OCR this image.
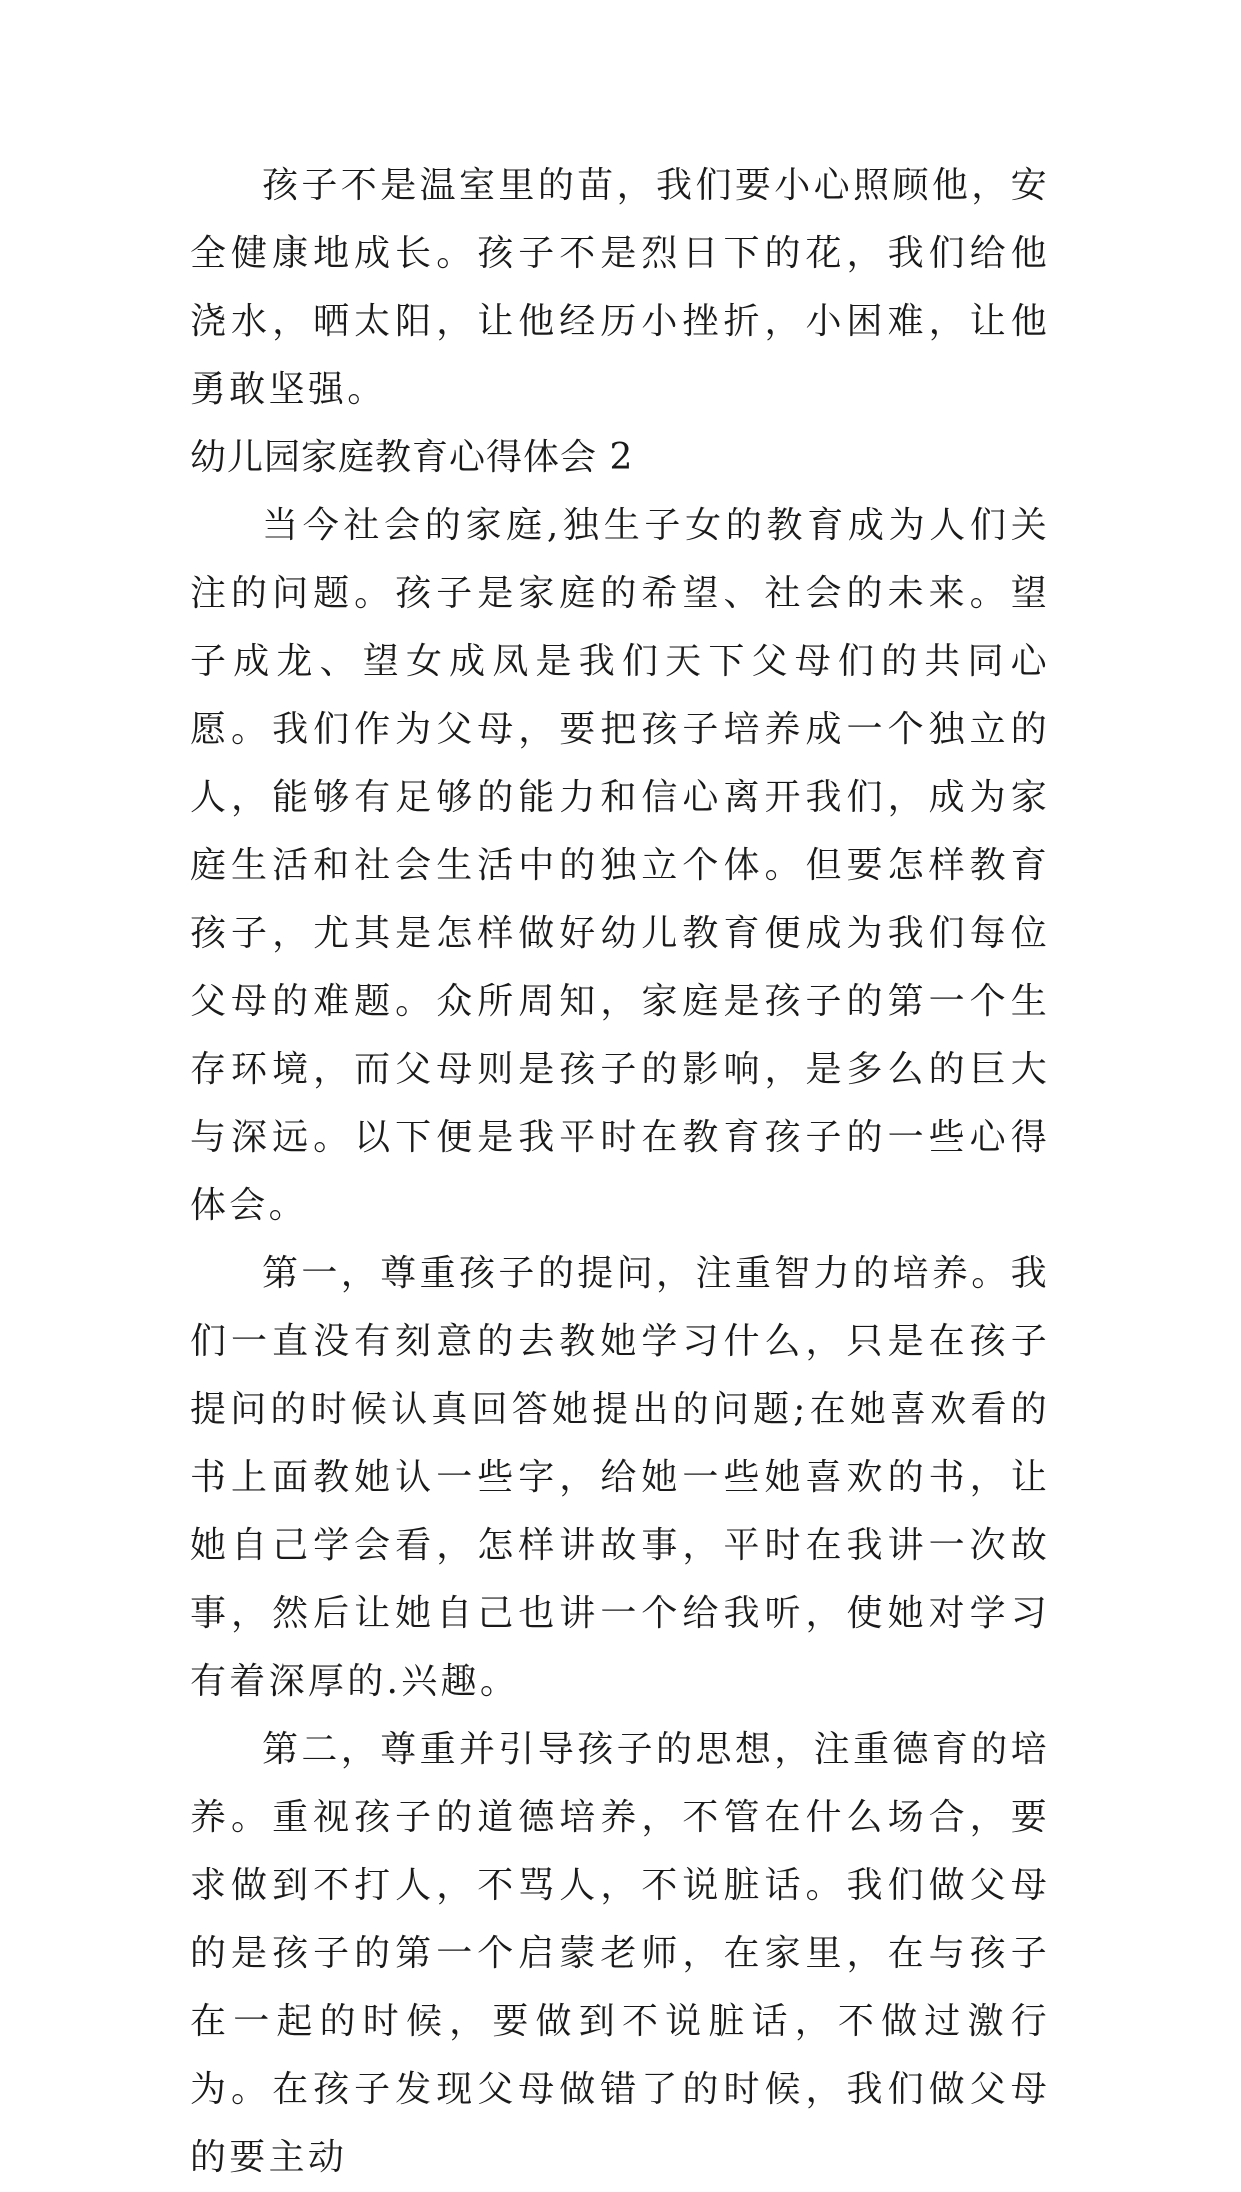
孩子不是温室里的苗，我们要小心照顾他，安全健康地成长。孩子不是烈日下的花，我们给他浇水，晒太阳，让他经历小挫折，小困难，让他勇敢坚强。

幼儿园家庭教育心得体会 2

当今社会的家庭,独生子女的教育成为人们关注的问题。孩子是家庭的希望、社会的未来。望子成龙、望女成凤是我们天下父母们的共同心愿。我们作为父母，要把孩子培养成一个独立的人，能够有足够的能力和信心离开我们，成为家庭生活和社会生活中的独立个体。但要怎样教育孩子，尤其是怎样做好幼儿教育便成为我们每位父母的难题。众所周知，家庭是孩子的第一个生存环境，而父母则是孩子的影响，是多么的巨大与深远。以下便是我平时在教育孩子的一些心得体会。

第一，尊重孩子的提问，注重智力的培养。我们一直没有刻意的去教她学习什么，只是在孩子提问的时候认真回答她提出的问题;在她喜欢看的书上面教她认一些字，给她一些她喜欢的书，让她自己学会看，怎样讲故事，平时在我讲一次故事，然后让她自己也讲一个给我听，使她对学习有着深厚的.兴趣。

第二，尊重并引导孩子的思想，注重德育的培养。重视孩子的道德培养，不管在什么场合，要求做到不打人，不骂人，不说脏话。我们做父母的是孩子的第一个启蒙老师，在家里，在与孩子在一起的时候，要做到不说脏话，不做过激行为。在孩子发现父母做错了的时候，我们做父母的要主动
